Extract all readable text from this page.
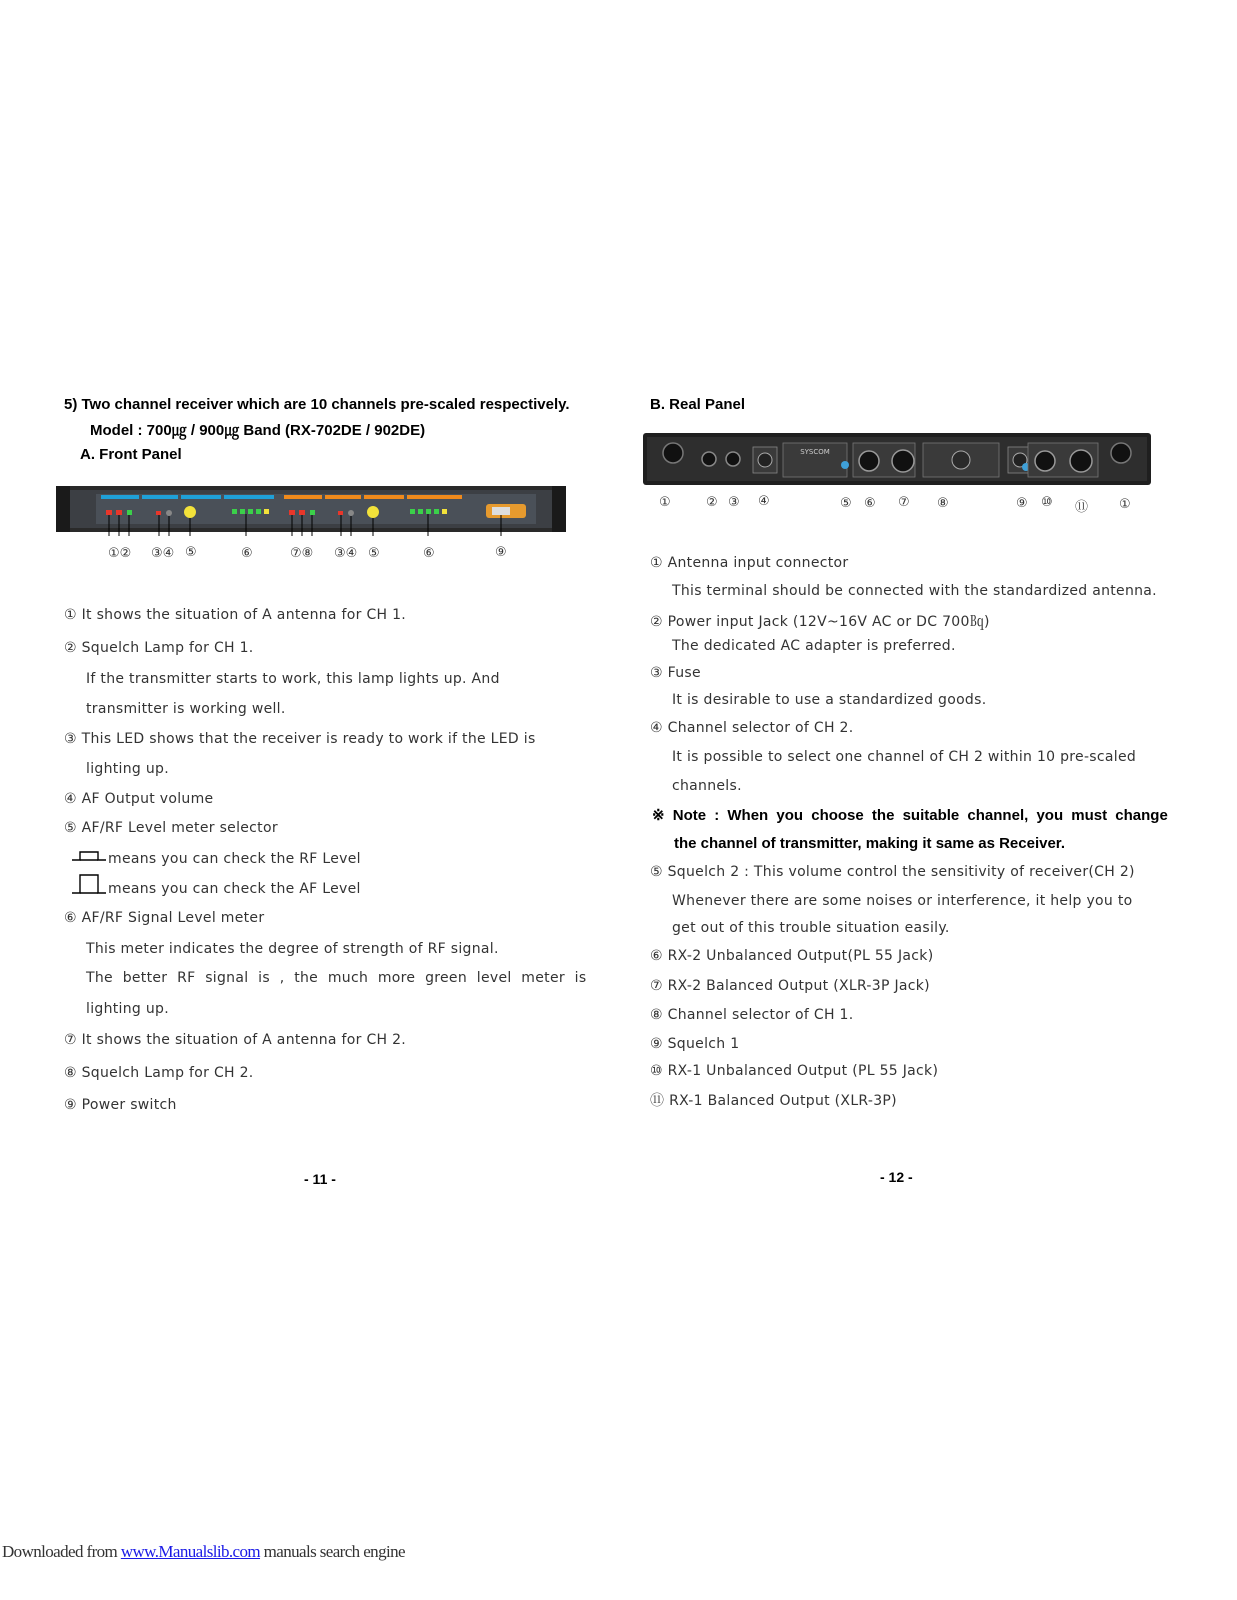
5) Two channel receiver which are 10 channels pre-scaled respectively.
Model : 700㎍ / 900㎍ Band (RX-702DE / 902DE)
A. Front Panel
①② ③④ ⑤	⑥	⑦⑧ ③④ ⑤	⑥	⑨
① It shows the situation of A antenna for CH 1.
② Squelch Lamp for CH 1.
If the transmitter starts to work, this lamp lights up. And
transmitter is working well.
③ This LED shows that the receiver is ready to work if the LED is
lighting up.
④ AF Output volume
⑤ AF/RF Level meter selector
means you can check the RF Level
means you can check the AF Level
⑥ AF/RF Signal Level meter
This meter indicates the degree of strength of RF signal.
The better RF signal is , the much more green level meter is
lighting up.
⑦ It shows the situation of A antenna for CH 2.
⑧ Squelch Lamp for CH 2.
⑨ Power switch
- 11 -
B. Real Panel
SYSCOM
①	② ③ ④	⑤ ⑥ ⑦ ⑧	⑨ ⑩ ⑪ ①
① Antenna input connector
This terminal should be connected with the standardized antenna.
② Power input Jack (12V~16V AC or DC 700㏃)
The dedicated AC adapter is preferred.
③ Fuse
It is desirable to use a standardized goods.
④ Channel selector of CH 2.
It is possible to select one channel of CH 2 within 10 pre-scaled
channels.
※ Note : When you choose the suitable channel, you must change
the channel of transmitter, making it same as Receiver.
⑤ Squelch 2 : This volume control the sensitivity of receiver(CH 2)
Whenever there are some noises or interference, it help you to
get out of this trouble situation easily.
⑥ RX-2 Unbalanced Output(PL 55 Jack)
⑦ RX-2 Balanced Output (XLR-3P Jack)
⑧ Channel selector of CH 1.
⑨ Squelch 1
⑩ RX-1 Unbalanced Output (PL 55 Jack)
⑪ RX-1 Balanced Output (XLR-3P)
- 12 -
Downloaded from www.Manualslib.com manuals search engine
